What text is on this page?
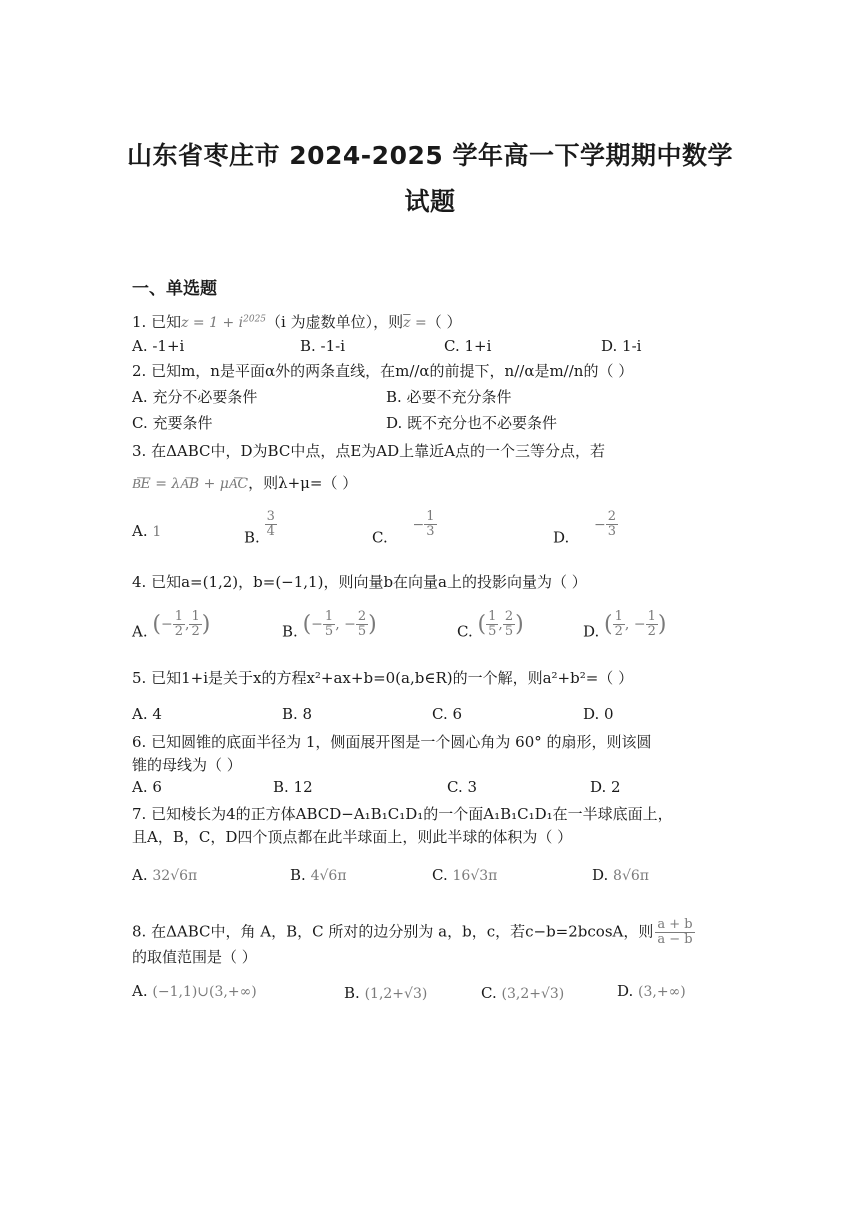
山东省枣庄市 2024-2025 学年高一下学期期中数学
试题
一、单选题
1. 已知$z = 1 + i^{2025}(i$ 为虚数单位），则$\overline{z}$ =（ ）
A. -1+i	B. -1-i	C. 1+i	D. 1-i
2. 已知m，n是平面α外的两条直线，在m//α的前提下，n//α是m//n的（ ）
A. 充分不必要条件	B. 必要不充分条件
C. 充要条件	D. 既不充分也不必要条件
3. 在ΔABC中，D为BC中点，点E为AD上靠近A点的一个三等分点，若
B͞E = λA͞B + μA͞C，则λ+μ=（ ）
A. 1	B. $\frac{3}{4}$	C. − $\frac{1}{3}$	D. − $\frac{2}{3}$
4. 已知a=(1,2)，b=(−1,1)，则向量b在向量a上的投影向量为（ ）
A. (− $\frac{1}{2}$ , $\frac{1}{2}$ )	B. (− $\frac{1}{5}$ , − $\frac{2}{5}$ )	C. ( $\frac{1}{5}$ , $\frac{2}{5}$ )	D. ( $\frac{1}{2}$ , − $\frac{1}{2}$ )
5. 已知1+i是关于x的方程x²+ax+b=0(a,b∈R)的一个解，则a²+b²=（ ）
A. 4	B. 8	C. 6	D. 0
6. 已知圆锥的底面半径为 1，侧面展开图是一个圆心角为 60° 的扇形，则该圆
锥的母线为（ ）
A. 6	B. 12	C. 3	D. 2
7. 已知棱长为4的正方体ABCD−A₁B₁C₁D₁的一个面A₁B₁C₁D₁在一半球底面上，
且A，B，C，D四个顶点都在此半球面上，则此半球的体积为（ ）
A. 32√6π	B. 4√6π	C. 16√3π	D. 8√6π
8. 在ΔABC中，角 A，B，C 所对的边分别为 a，b，c，若c−b=2bcosA，则 $\frac{a + b}{a - b}$
的取值范围是（ ）
A. (−1,1)∪(3,+∞)	B. (1,2+√3)	C. (3,2+√3)	D. (3,+∞)
